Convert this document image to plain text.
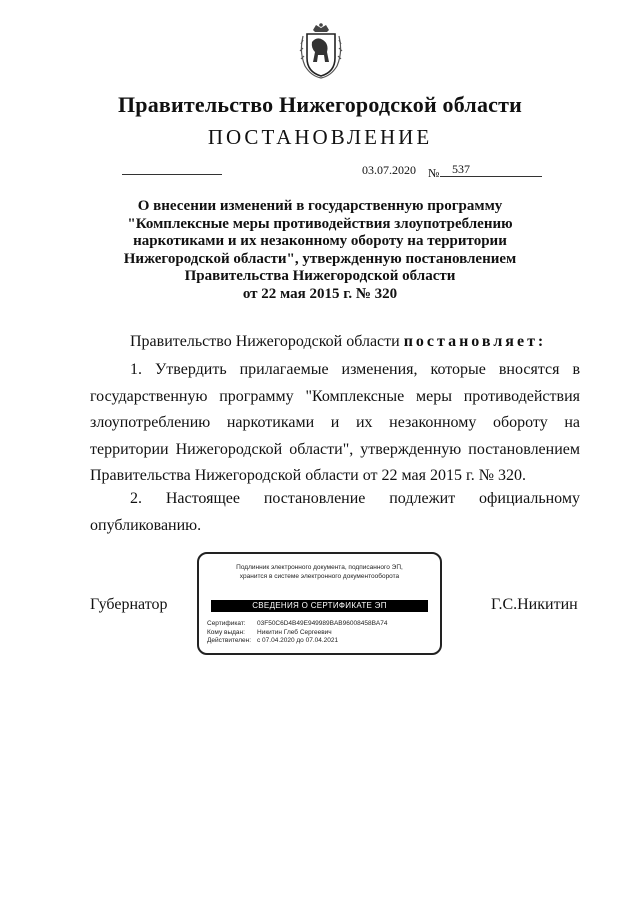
Правительство Нижегородской области
ПОСТАНОВЛЕНИЕ
03.07.2020 №	537
О внесении изменений в государственную программу
"Комплексные меры противодействия злоупотреблению
наркотиками и их незаконному обороту на территории
Нижегородской области", утвержденную постановлением
Правительства Нижегородской области
от 22 мая 2015 г. № 320
Правительство Нижегородской области постановляет:
1. Утвердить прилагаемые изменения, которые вносятся в государственную программу "Комплексные меры противодействия злоупотреблению наркотиками и их незаконному обороту на территории Нижегородской области", утвержденную постановлением Правительства Нижегородской области от 22 мая 2015 г. № 320.
2. Настоящее постановление подлежит официальному опубликованию.
Губернатор	Г.С.Никитин
Подлинник электронного документа, подписанного ЭП,
хранится в системе электронного документооборота
СВЕДЕНИЯ О СЕРТИФИКАТЕ ЭП
Сертификат: 03F50C6D4B49E949989BAB96008458BA74
Кому выдан: Никитин Глеб Сергеевич
Действителен: с 07.04.2020 до 07.04.2021
